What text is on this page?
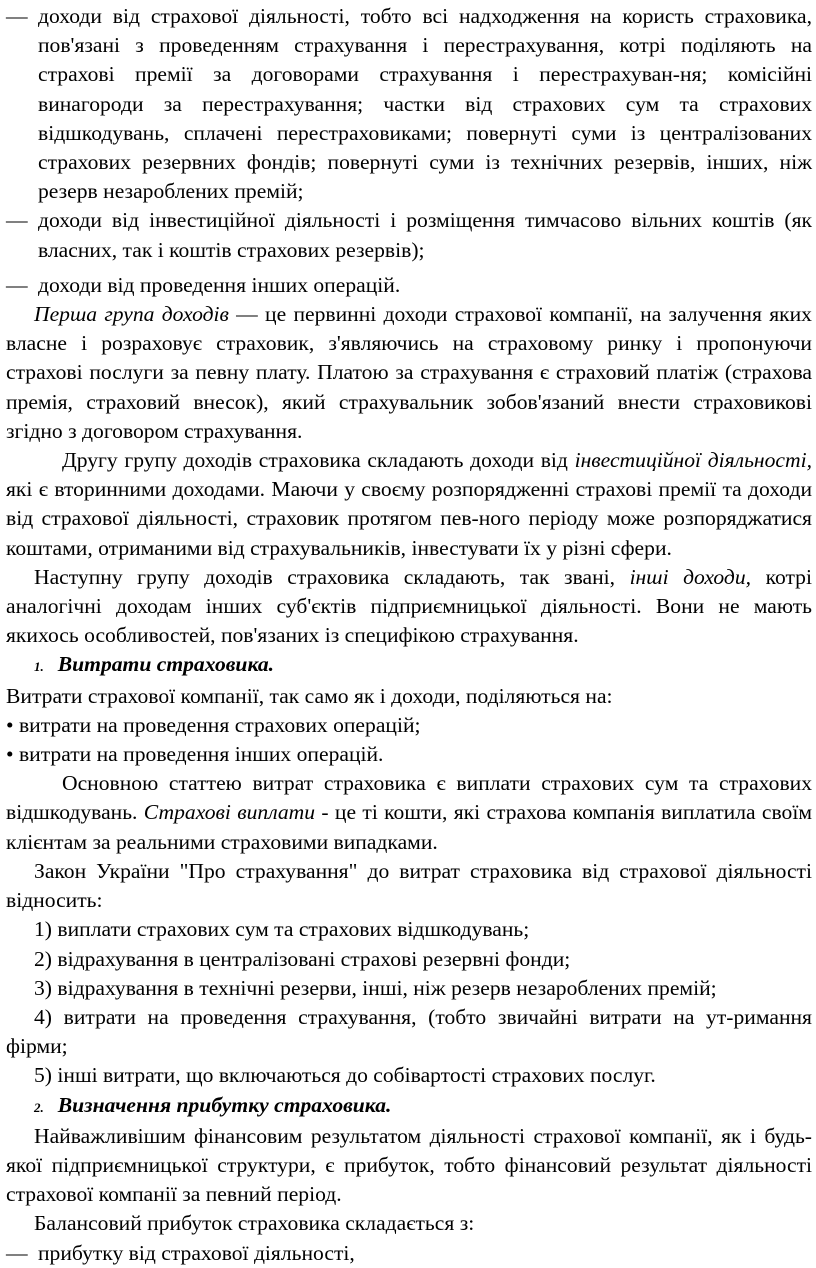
— доходи від страхової діяльності, тобто всі надходження на користь страховика, пов'язані з проведенням страхування і перестрахування, котрі поділяють на страхові премії за договорами страхування і перестрахуван-ня; комісійні винагороди за перестрахування; частки від страхових сум та страхових відшкодувань, сплачені перестраховиками; повернуті суми із централізованих страхових резервних фондів; повернуті суми із технічних резервів, інших, ніж резерв незароблених премій;
— доходи від інвестиційної діяльності і розміщення тимчасово вільних коштів (як власних, так і коштів страхових резервів);
— доходи від проведення інших операцій.

Перша група доходів — це первинні доходи страхової компанії, на залучення яких власне і розраховує страховик, з'являючись на страховому ринку і пропонуючи страхові послуги за певну плату. Платою за страхування є страховий платіж (страхова премія, страховий внесок), який страхувальник зобов'язаний внести страховикові згідно з договором страхування.

Другу групу доходів страховика складають доходи від інвестиційної діяльності, які є вторинними доходами. Маючи у своєму розпорядженні страхові премії та доходи від страхової діяльності, страховик протягом пев-ного періоду може розпоряджатися коштами, отриманими від страхувальників, інвестувати їх у різні сфери.

Наступну групу доходів страховика складають, так звані, інші доходи, котрі аналогічні доходам інших суб'єктів підприємницької діяльності. Вони не мають якихось особливостей, пов'язаних із специфікою страхування.

1. Витрати страховика.

Витрати страхової компанії, так само як і доходи, поділяються на:

• витрати на проведення страхових операцій;

• витрати на проведення інших операцій.

Основною статтею витрат страховика є виплати страхових сум та страхових відшкодувань. Страхові виплати - це ті кошти, які страхова компанія виплатила своїм клієнтам за реальними страховими випадками.

Закон України "Про страхування" до витрат страховика від страхової діяльності відносить:

1) виплати страхових сум та страхових відшкодувань;

2) відрахування в централізовані страхові резервні фонди;

3) відрахування в технічні резерви, інші, ніж резерв незароблених премій;

4) витрати на проведення страхування, (тобто звичайні витрати на ут-римання фірми;

5) інші витрати, що включаються до собівартості страхових послуг.

2. Визначення прибутку страховика.

Найважливішим фінансовим результатом діяльності страхової компанії, як і будь-якої підприємницької структури, є прибуток, тобто фінансовий результат діяльності страхової компанії за певний період.

Балансовий прибуток страховика складається з:

— прибутку від страхової діяльності,
